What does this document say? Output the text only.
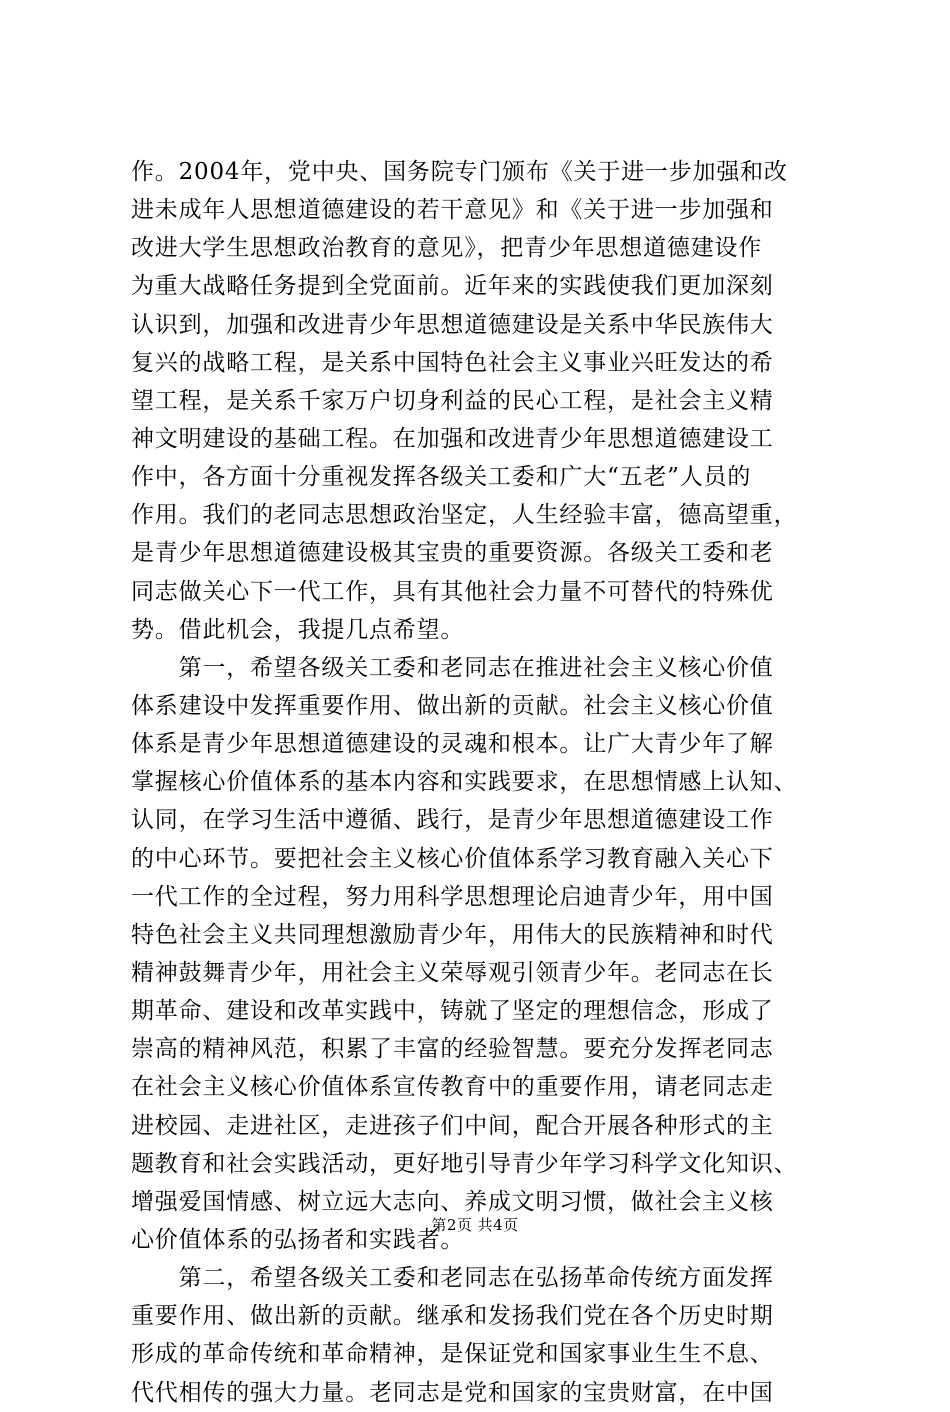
作。2004年，党中央、国务院专门颁布《关于进一步加强和改
进未成年人思想道德建设的若干意见》和《关于进一步加强和
改进大学生思想政治教育的意见》，把青少年思想道德建设作
为重大战略任务提到全党面前。近年来的实践使我们更加深刻
认识到，加强和改进青少年思想道德建设是关系中华民族伟大
复兴的战略工程，是关系中国特色社会主义事业兴旺发达的希
望工程，是关系千家万户切身利益的民心工程，是社会主义精
神文明建设的基础工程。在加强和改进青少年思想道德建设工
作中，各方面十分重视发挥各级关工委和广大“五老”人员的
作用。我们的老同志思想政治坚定，人生经验丰富，德高望重，
是青少年思想道德建设极其宝贵的重要资源。各级关工委和老
同志做关心下一代工作，具有其他社会力量不可替代的特殊优
势。借此机会，我提几点希望。
　　第一，希望各级关工委和老同志在推进社会主义核心价值
体系建设中发挥重要作用、做出新的贡献。社会主义核心价值
体系是青少年思想道德建设的灵魂和根本。让广大青少年了解
掌握核心价值体系的基本内容和实践要求，在思想情感上认知、
认同，在学习生活中遵循、践行，是青少年思想道德建设工作
的中心环节。要把社会主义核心价值体系学习教育融入关心下
一代工作的全过程，努力用科学思想理论启迪青少年，用中国
特色社会主义共同理想激励青少年，用伟大的民族精神和时代
精神鼓舞青少年，用社会主义荣辱观引领青少年。老同志在长
期革命、建设和改革实践中，铸就了坚定的理想信念，形成了
崇高的精神风范，积累了丰富的经验智慧。要充分发挥老同志
在社会主义核心价值体系宣传教育中的重要作用，请老同志走
进校园、走进社区，走进孩子们中间，配合开展各种形式的主
题教育和社会实践活动，更好地引导青少年学习科学文化知识、
增强爱国情感、树立远大志向、养成文明习惯，做社会主义核
心价值体系的弘扬者和实践者。
　　第二，希望各级关工委和老同志在弘扬革命传统方面发挥
重要作用、做出新的贡献。继承和发扬我们党在各个历史时期
形成的革命传统和革命精神，是保证党和国家事业生生不息、
代代相传的强大力量。老同志是党和国家的宝贵财富，在中国
第2页 共4页
